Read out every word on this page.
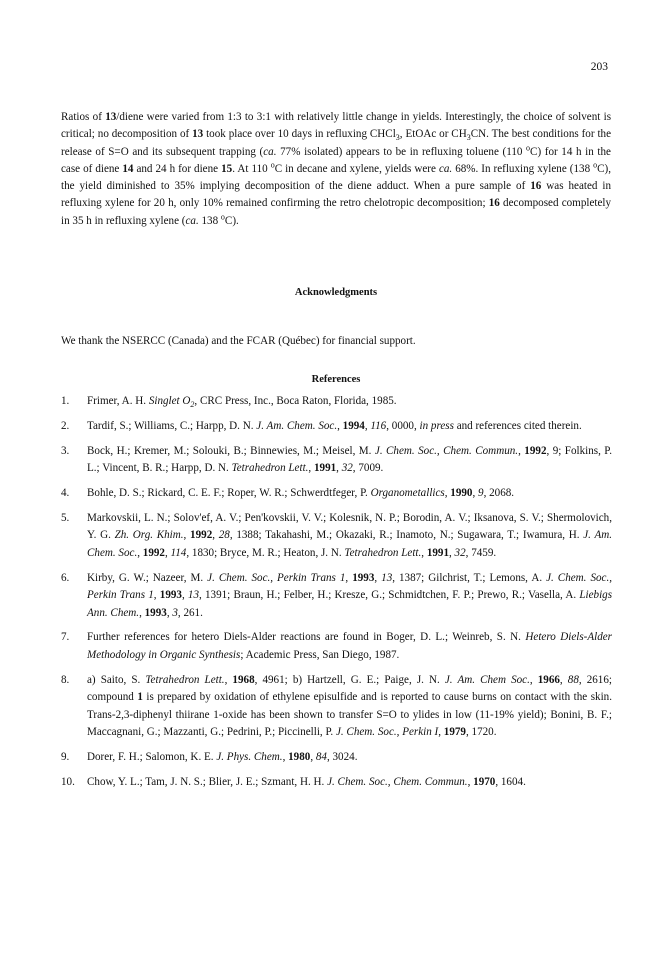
203

Ratios of 13/diene were varied from 1:3 to 3:1 with relatively little change in yields. Interestingly, the choice of solvent is critical; no decomposition of 13 took place over 10 days in refluxing CHCl$_3$, EtOAc or $CH_3CN$. The best conditions for the release of S=O and its subsequent trapping (ca. 77% isolated) appears to be in refluxing toluene (110 $^o$C) for 14 h in the case of diene 14 and 24 h for diene 15. At 110 $^o$C in decane and xylene, yields were ca. 68%. In refluxing xylene (138 $^o$C), the yield diminished to 35% implying decomposition of the diene adduct. When a pure sample of 16 was heated in refluxing xylene for 20 h, only 10% remained confirming the retro chelotropic decomposition; 16 decomposed completely in 35 h in refluxing xylene (ca. 138 $^o$C).

Acknowledgments

We thank the NSERCC (Canada) and the FCAR (Québec) for financial support.

References
1.	Frimer, A. H. Singlet $O_2$, CRC Press, Inc., Boca Raton, Florida, 1985.
2.	Tardif, S.; Williams, C.; Harpp, D. N. J. Am. Chem. Soc., 1994, 116, 0000, in press and references cited therein.
3.	Bock, H.; Kremer, M.; Solouki, B.; Binnewies, M.; Meisel, M. J. Chem. Soc., Chem. Commun., 1992, 9; Folkins, P. L.; Vincent, B. R.; Harpp, D. N. Tetrahedron Lett., 1991, 32, 7009.
4.	Bohle, D. S.; Rickard, C. E. F.; Roper, W. R.; Schwerdtfeger, P. Organometallics, 1990, 9, 2068.
5.	Markovskii, L. N.; Solov'ef, A. V.; Pen'kovskii, V. V.; Kolesnik, N. P.; Borodin, A. V.; Iksanova, S. V.; Shermolovich, Y. G. Zh. Org. Khim., 1992, 28, 1388; Takahashi, M.; Okazaki, R.; Inamoto, N.; Sugawara, T.; Iwamura, H. J. Am. Chem. Soc., 1992, 114, 1830; Bryce, M. R.; Heaton, J. N. Tetrahedron Lett., 1991, 32, 7459.
6.	Kirby, G. W.; Nazeer, M. J. Chem. Soc., Perkin Trans 1, 1993, 13, 1387; Gilchrist, T.; Lemons, A. J. Chem. Soc., Perkin Trans 1, 1993, 13, 1391; Braun, H.; Felber, H.; Kresze, G.; Schmidtchen, F. P.; Prewo, R.; Vasella, A. Liebigs Ann. Chem., 1993, 3, 261.
7.	Further references for hetero Diels-Alder reactions are found in Boger, D. L.; Weinreb, S. N. Hetero Diels-Alder Methodology in Organic Synthesis; Academic Press, San Diego, 1987.
8.	a) Saito, S. Tetrahedron Lett., 1968, 4961; b) Hartzell, G. E.; Paige, J. N. J. Am. Chem Soc., 1966, 88, 2616; compound 1 is prepared by oxidation of ethylene episulfide and is reported to cause burns on contact with the skin. Trans-2,3-diphenyl thiirane 1-oxide has been shown to transfer S=O to ylides in low (11-19% yield); Bonini, B. F.; Maccagnani, G.; Mazzanti, G.; Pedrini, P.; Piccinelli, P. J. Chem. Soc., Perkin I, 1979, 1720.
9.	Dorer, F. H.; Salomon, K. E. J. Phys. Chem., 1980, 84, 3024.
10.	Chow, Y. L.; Tam, J. N. S.; Blier, J. E.; Szmant, H. H. J. Chem. Soc., Chem. Commun., 1970, 1604.
